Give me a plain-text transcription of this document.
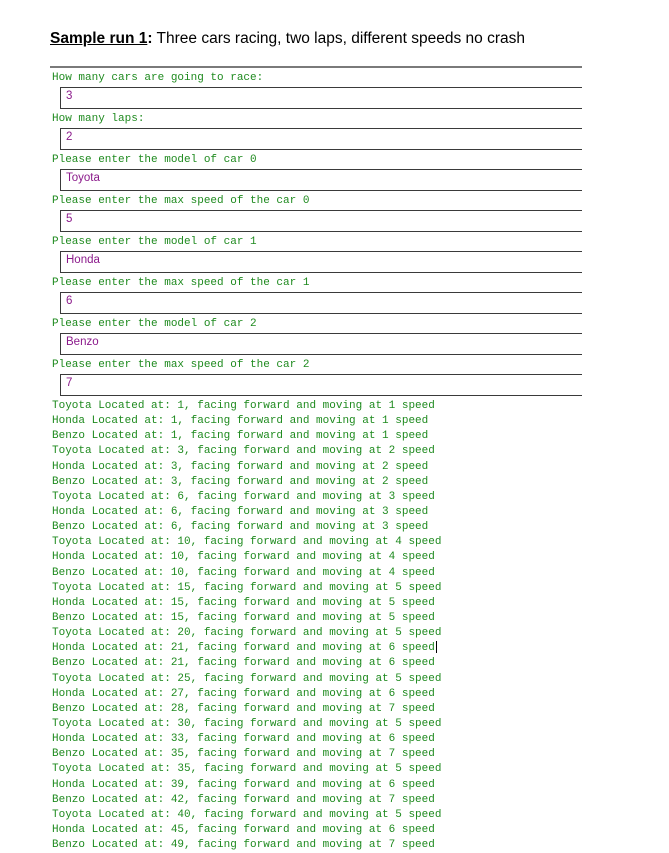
Sample run 1: Three cars racing, two laps, different speeds no crash
How many cars are going to race:
3
How many laps:
2
Please enter the model of car 0
Toyota
Please enter the max speed of the car 0
5
Please enter the model of car 1
Honda
Please enter the max speed of the car 1
6
Please enter the model of car 2
Benzo
Please enter the max speed of the car 2
7
Toyota Located at: 1, facing forward and moving at 1 speed
Honda Located at: 1, facing forward and moving at 1 speed
Benzo Located at: 1, facing forward and moving at 1 speed
Toyota Located at: 3, facing forward and moving at 2 speed
Honda Located at: 3, facing forward and moving at 2 speed
Benzo Located at: 3, facing forward and moving at 2 speed
Toyota Located at: 6, facing forward and moving at 3 speed
Honda Located at: 6, facing forward and moving at 3 speed
Benzo Located at: 6, facing forward and moving at 3 speed
Toyota Located at: 10, facing forward and moving at 4 speed
Honda Located at: 10, facing forward and moving at 4 speed
Benzo Located at: 10, facing forward and moving at 4 speed
Toyota Located at: 15, facing forward and moving at 5 speed
Honda Located at: 15, facing forward and moving at 5 speed
Benzo Located at: 15, facing forward and moving at 5 speed
Toyota Located at: 20, facing forward and moving at 5 speed
Honda Located at: 21, facing forward and moving at 6 speed
Benzo Located at: 21, facing forward and moving at 6 speed
Toyota Located at: 25, facing forward and moving at 5 speed
Honda Located at: 27, facing forward and moving at 6 speed
Benzo Located at: 28, facing forward and moving at 7 speed
Toyota Located at: 30, facing forward and moving at 5 speed
Honda Located at: 33, facing forward and moving at 6 speed
Benzo Located at: 35, facing forward and moving at 7 speed
Toyota Located at: 35, facing forward and moving at 5 speed
Honda Located at: 39, facing forward and moving at 6 speed
Benzo Located at: 42, facing forward and moving at 7 speed
Toyota Located at: 40, facing forward and moving at 5 speed
Honda Located at: 45, facing forward and moving at 6 speed
Benzo Located at: 49, facing forward and moving at 7 speed
